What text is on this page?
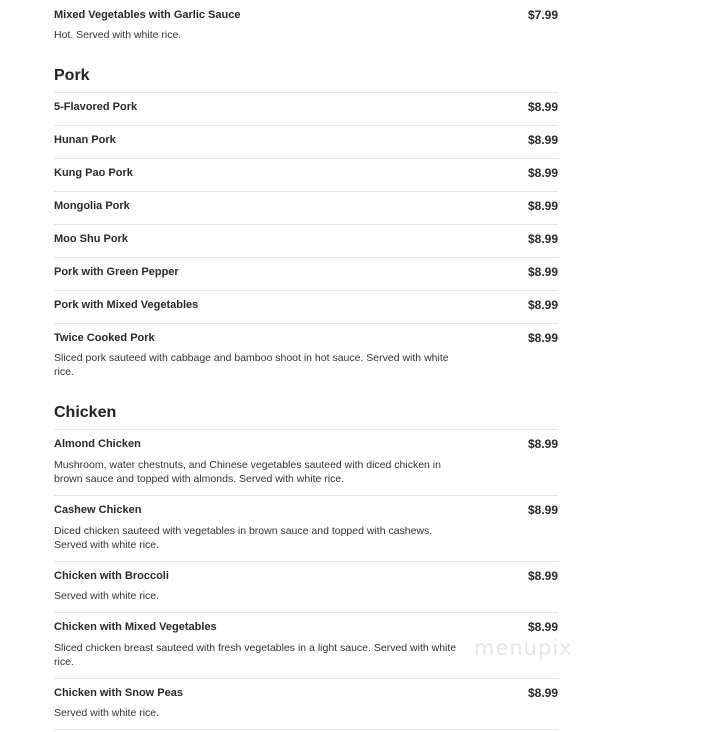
Mixed Vegetables with Garlic Sauce	$7.99
Hot. Served with white rice.
Pork
5-Flavored Pork	$8.99
Hunan Pork	$8.99
Kung Pao Pork	$8.99
Mongolia Pork	$8.99
Moo Shu Pork	$8.99
Pork with Green Pepper	$8.99
Pork with Mixed Vegetables	$8.99
Twice Cooked Pork	$8.99
Sliced pork sauteed with cabbage and bamboo shoot in hot sauce. Served with white rice.
Chicken
Almond Chicken	$8.99
Mushroom, water chestnuts, and Chinese vegetables sauteed with diced chicken in brown sauce and topped with almonds. Served with white rice.
Cashew Chicken	$8.99
Diced chicken sauteed with vegetables in brown sauce and topped with cashews. Served with white rice.
Chicken with Broccoli	$8.99
Served with white rice.
Chicken with Mixed Vegetables	$8.99
Sliced chicken breast sauteed with fresh vegetables in a light sauce. Served with white rice.
Chicken with Snow Peas	$8.99
Served with white rice.
menupix
